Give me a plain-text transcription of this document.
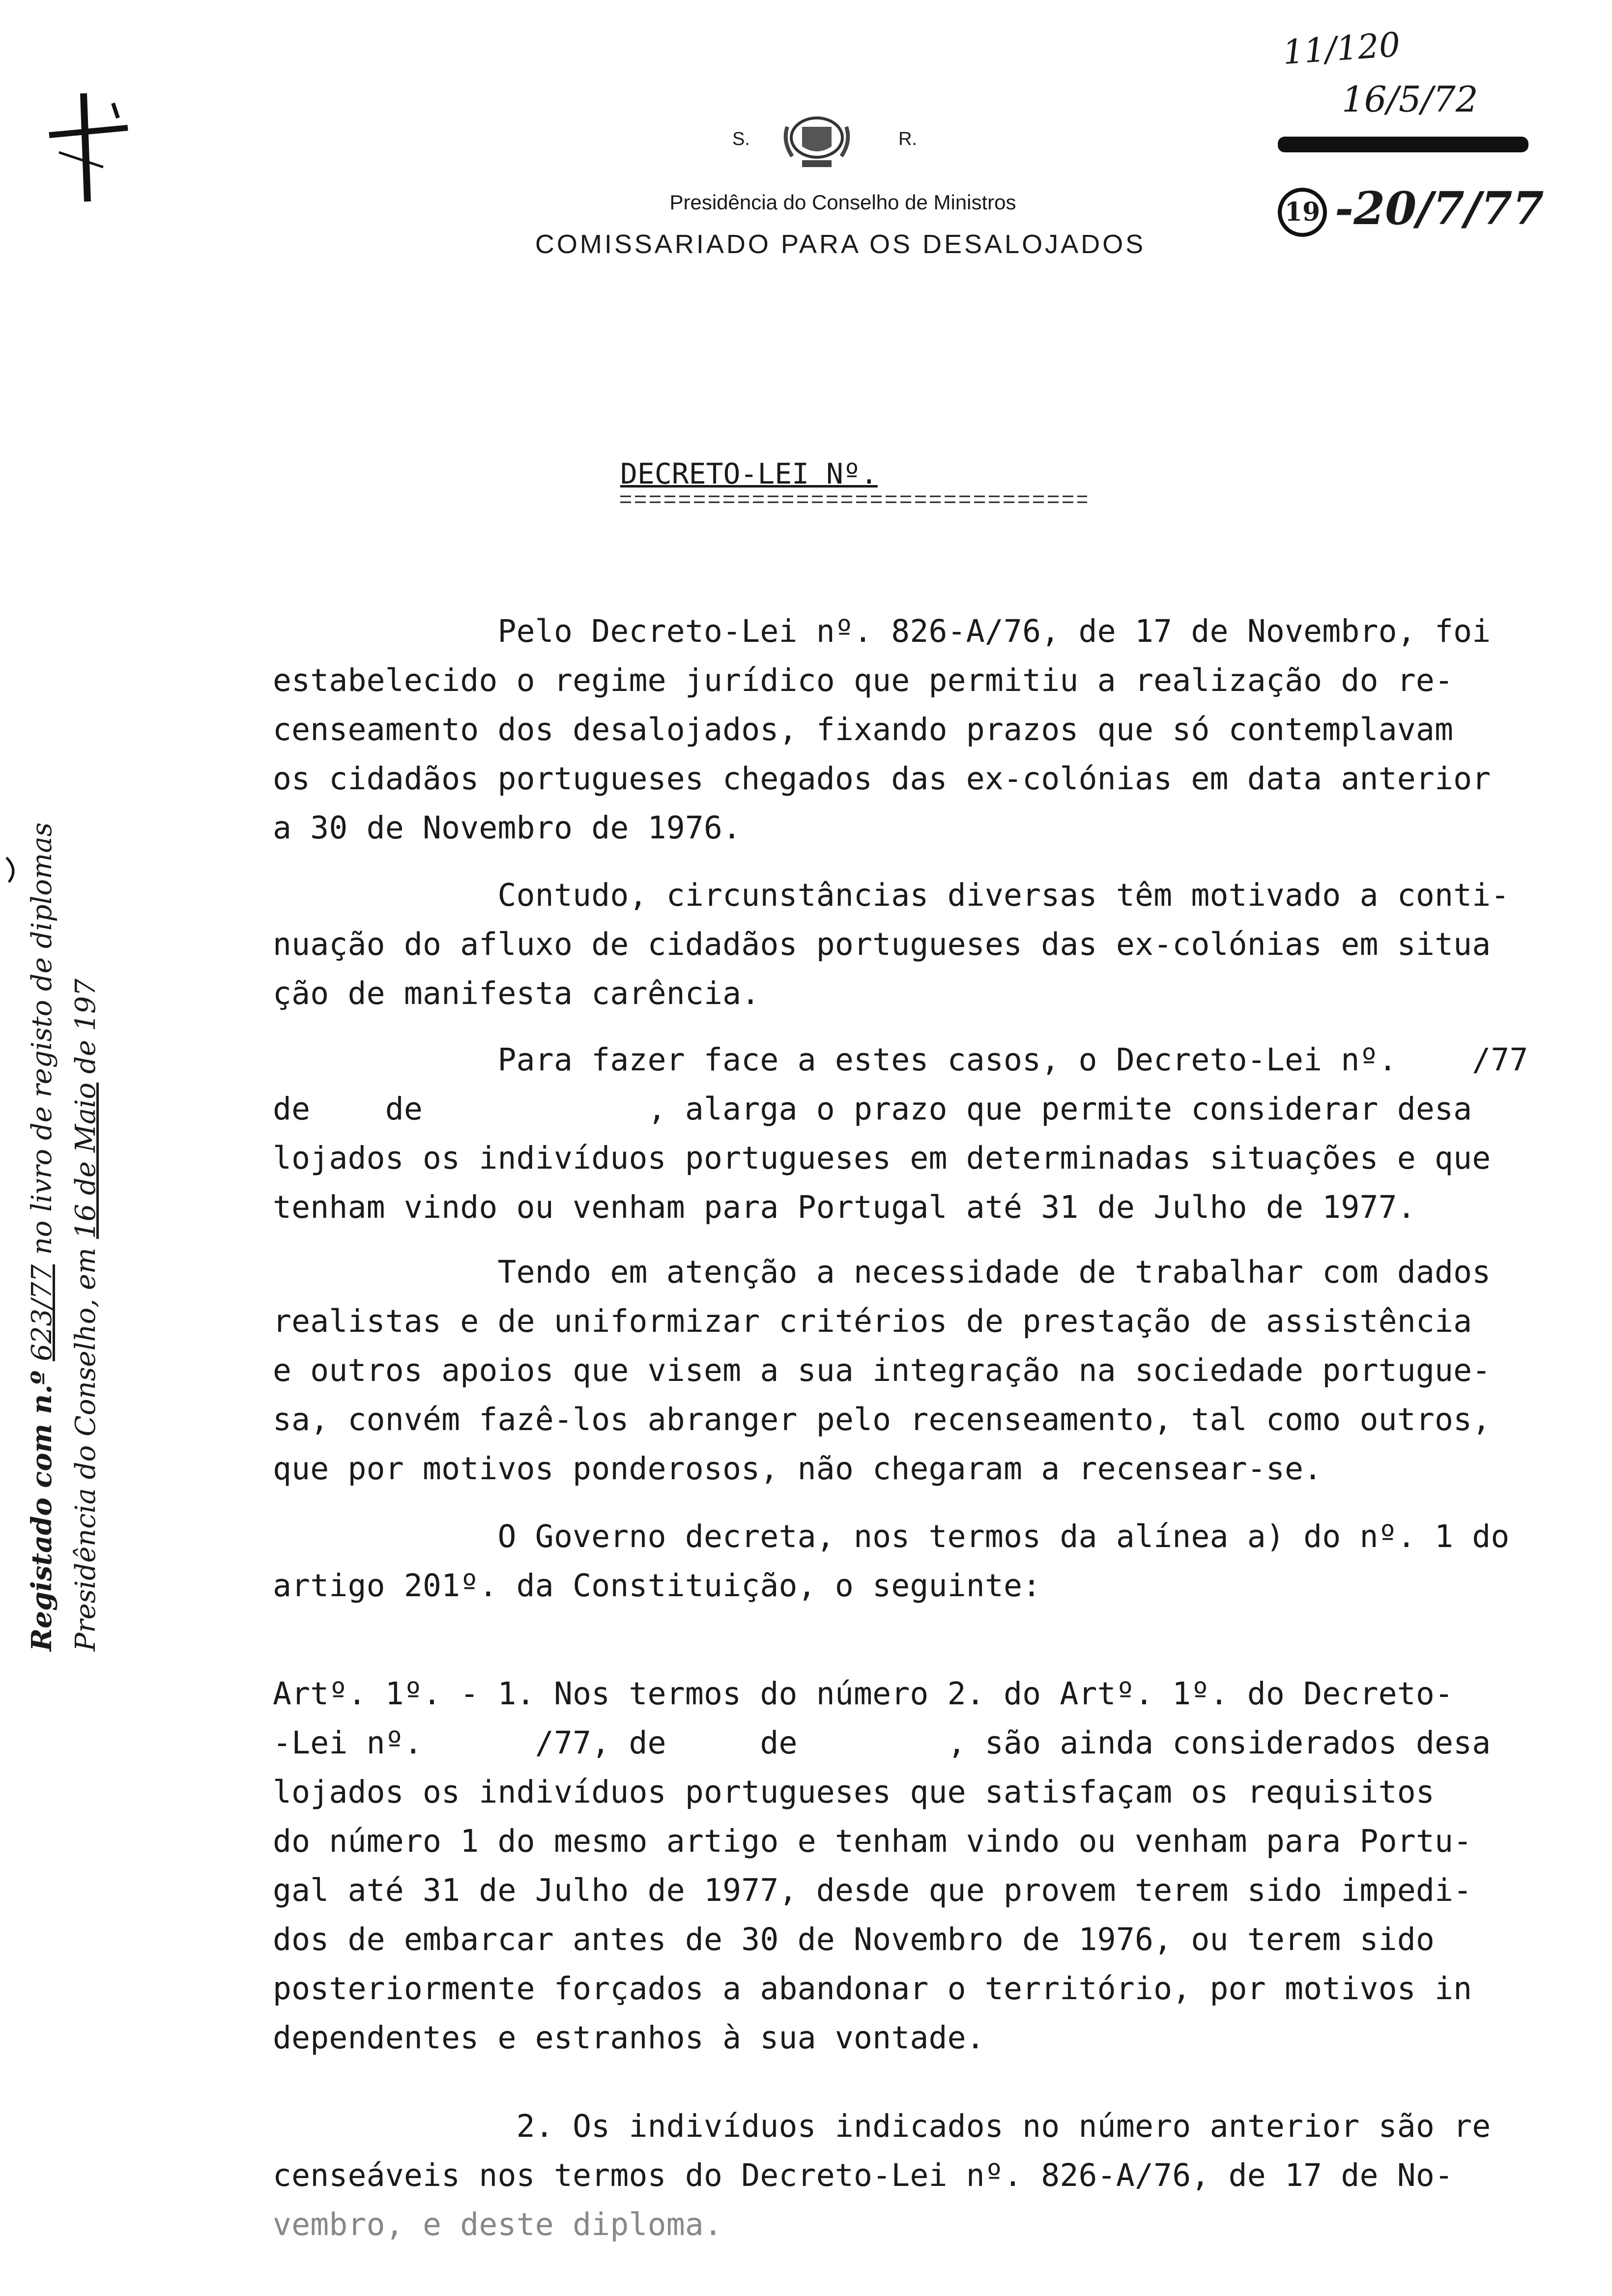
S.	R.
Presidência do Conselho de Ministros
COMISSARIADO PARA OS DESALOJADOS
11/120
16/5/72
19 -20/7/77
DECRETO-LEI Nº.
Pelo Decreto-Lei nº. 826-A/76, de 17 de Novembro, foi
estabelecido o regime jurídico que permitiu a realização do re-
censeamento dos desalojados, fixando prazos que só contemplavam
os cidadãos portugueses chegados das ex-colónias em data anterior
a 30 de Novembro de 1976.
Contudo, circunstâncias diversas têm motivado a conti-
nuação do afluxo de cidadãos portugueses das ex-colónias em situa
ção de manifesta carência.
Para fazer face a estes casos, o Decreto-Lei nº.    /77
de    de            , alarga o prazo que permite considerar desa
lojados os indivíduos portugueses em determinadas situações e que
tenham vindo ou venham para Portugal até 31 de Julho de 1977.
Tendo em atenção a necessidade de trabalhar com dados
realistas e de uniformizar critérios de prestação de assistência
e outros apoios que visem a sua integração na sociedade portugue-
sa, convém fazê-los abranger pelo recenseamento, tal como outros,
que por motivos ponderosos, não chegaram a recensear-se.
O Governo decreta, nos termos da alínea a) do nº. 1 do
artigo 201º. da Constituição, o seguinte:
Artº. 1º. - 1. Nos termos do número 2. do Artº. 1º. do Decreto-
-Lei nº.      /77, de     de        , são ainda considerados desa
lojados os indivíduos portugueses que satisfaçam os requisitos
do número 1 do mesmo artigo e tenham vindo ou venham para Portu-
gal até 31 de Julho de 1977, desde que provem terem sido impedi-
dos de embarcar antes de 30 de Novembro de 1976, ou terem sido
posteriormente forçados a abandonar o território, por motivos in
dependentes e estranhos à sua vontade.
2. Os indivíduos indicados no número anterior são re
censeáveis nos termos do Decreto-Lei nº. 826-A/76, de 17 de No-
vembro, e deste diploma.
Registado com n.º 623/77 no livro de registo de diplomas
Presidência do Conselho, em 16 de Maio de 197
